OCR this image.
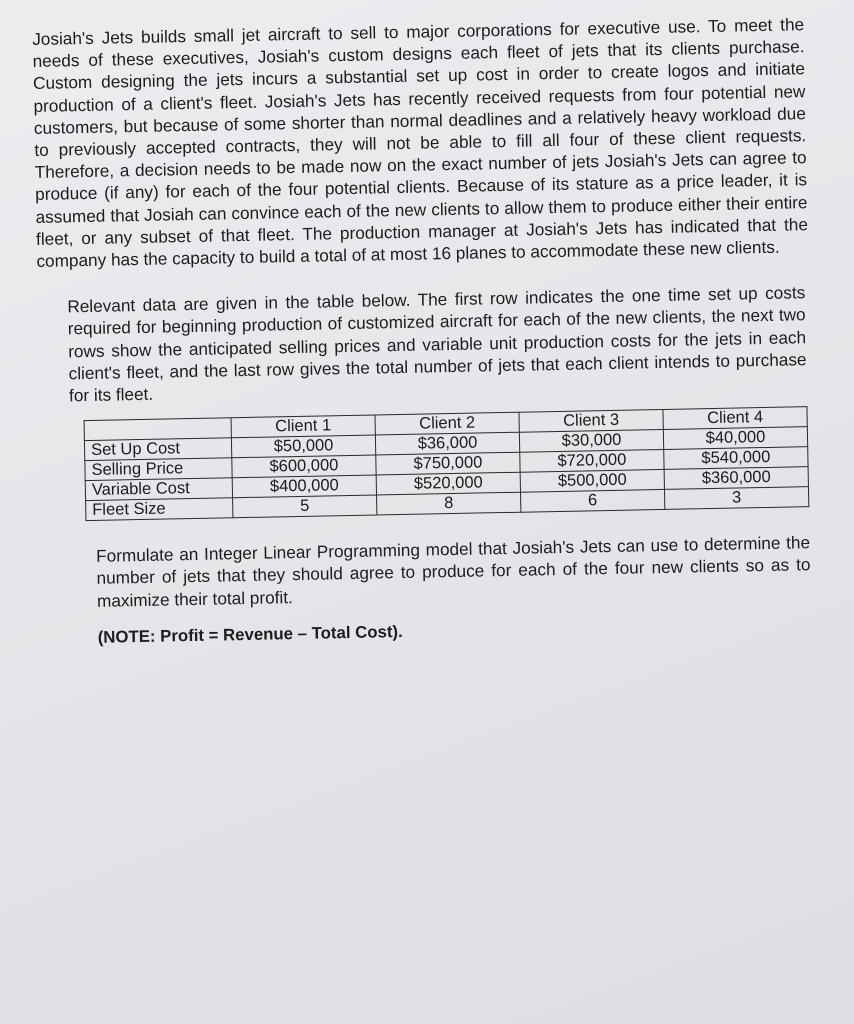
Josiah's Jets builds small jet aircraft to sell to major corporations for executive use. To meet the needs of these executives, Josiah's custom designs each fleet of jets that its clients purchase. Custom designing the jets incurs a substantial set up cost in order to create logos and initiate production of a client's fleet. Josiah's Jets has recently received requests from four potential new customers, but because of some shorter than normal deadlines and a relatively heavy workload due to previously accepted contracts, they will not be able to fill all four of these client requests. Therefore, a decision needs to be made now on the exact number of jets Josiah's Jets can agree to produce (if any) for each of the four potential clients. Because of its stature as a price leader, it is assumed that Josiah can convince each of the new clients to allow them to produce either their entire fleet, or any subset of that fleet. The production manager at Josiah's Jets has indicated that the company has the capacity to build a total of at most 16 planes to accommodate these new clients.

Relevant data are given in the table below. The first row indicates the one time set up costs required for beginning production of customized aircraft for each of the new clients, the next two rows show the anticipated selling prices and variable unit production costs for the jets in each client's fleet, and the last row gives the total number of jets that each client intends to purchase for its fleet.

	Client 1	Client 2	Client 3	Client 4
Set Up Cost	$50,000	$36,000	$30,000	$40,000
Selling Price	$600,000	$750,000	$720,000	$540,000
Variable Cost	$400,000	$520,000	$500,000	$360,000
Fleet Size	5	8	6	3

Formulate an Integer Linear Programming model that Josiah's Jets can use to determine the number of jets that they should agree to produce for each of the four new clients so as to maximize their total profit.

(NOTE: Profit = Revenue – Total Cost).
